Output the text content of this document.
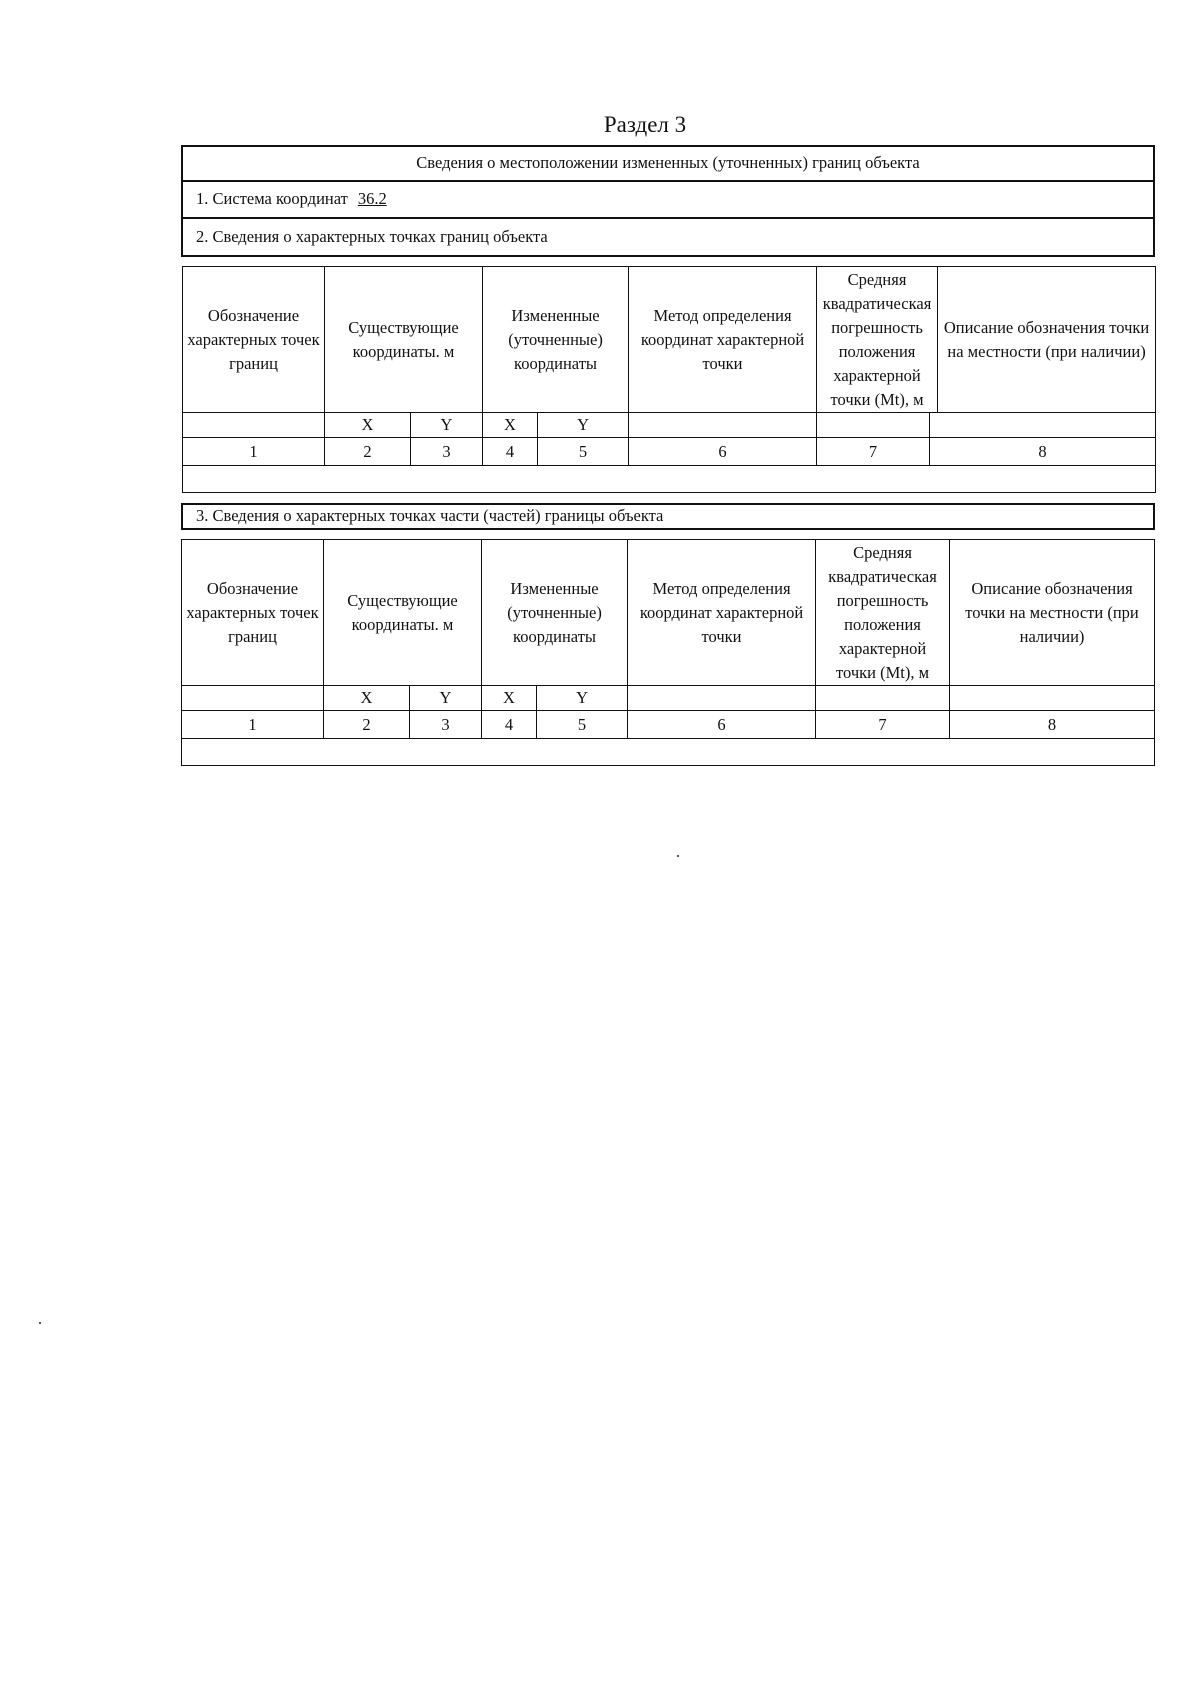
Раздел 3
Сведения о местоположении измененных (уточненных) границ объекта
1. Система координат 36.2
2. Сведения о характерных точках границ объекта
Обозначение характерных точек границ	Существующие координаты. м		Измененные (уточненные) координаты		Метод определения координат характерной точки	Средняя квадратическая погрешность положения характерной точки (Mt), м		Описание обозначения точки на местности (при наличии)
	X	Y	X	Y				
1	2	3	4	5	6	7	8	

3. Сведения о характерных точках части (частей) границы объекта
Обозначение характерных точек границ	Существующие координаты. м		Измененные (уточненные) координаты		Метод определения координат характерной точки	Средняя квадратическая погрешность положения характерной точки (Mt), м	Описание обозначения точки на местности (при наличии)
	X	Y	X	Y			
1	2	3	4	5	6	7	8
